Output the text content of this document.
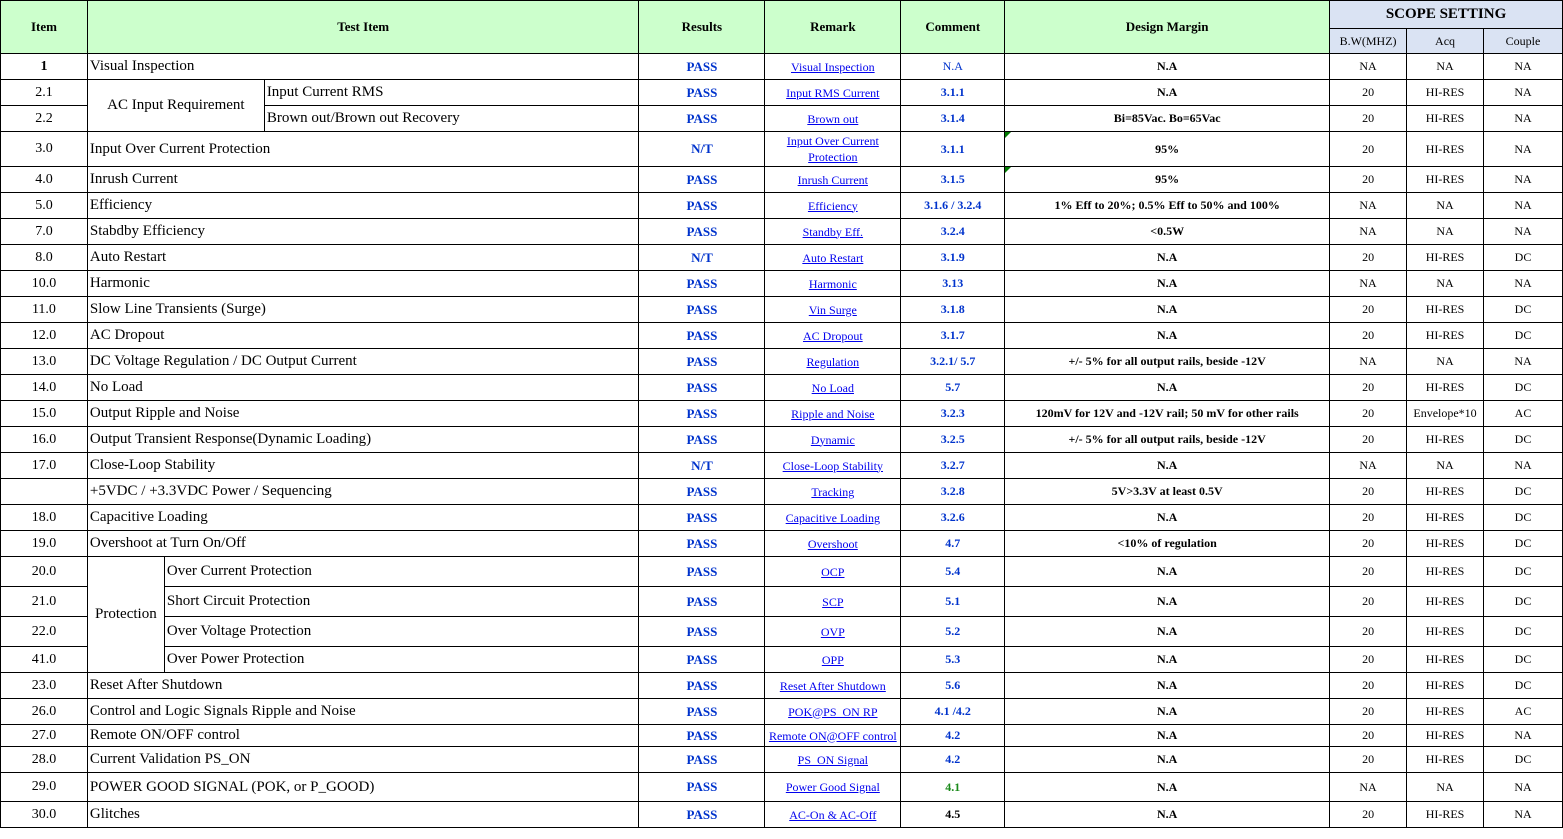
Item	Test Item			Results	Remark	Comment	Design Margin	SCOPE SETTING		
								B.W(MHZ)	Acq	Couple
1	Visual Inspection			PASS	Visual Inspection	N.A	N.A	NA	NA	NA
2.1	AC Input Requirement		Input Current RMS	PASS	Input RMS Current	3.1.1	N.A	20	HI-RES	NA
2.2			Brown out/Brown out Recovery	PASS	Brown out	3.1.4	Bi=85Vac. Bo=65Vac	20	HI-RES	NA
3.0	Input Over Current Protection			N/T	Input Over Current Protection	3.1.1	95%	20	HI-RES	NA
4.0	Inrush Current			PASS	Inrush Current	3.1.5	95%	20	HI-RES	NA
5.0	Efficiency			PASS	Efficiency	3.1.6 / 3.2.4	1% Eff to 20%; 0.5% Eff to 50% and 100%	NA	NA	NA
7.0	Stabdby Efficiency			PASS	Standby Eff.	3.2.4	<0.5W	NA	NA	NA
8.0	Auto Restart			N/T	Auto Restart	3.1.9	N.A	20	HI-RES	DC
10.0	Harmonic			PASS	Harmonic	3.13	N.A	NA	NA	NA
11.0	Slow Line Transients (Surge)			PASS	Vin Surge	3.1.8	N.A	20	HI-RES	DC
12.0	AC Dropout			PASS	AC Dropout	3.1.7	N.A	20	HI-RES	DC
13.0	DC Voltage Regulation / DC Output Current			PASS	Regulation	3.2.1/ 5.7	+/- 5% for all output rails, beside -12V	NA	NA	NA
14.0	No Load			PASS	No Load	5.7	N.A	20	HI-RES	DC
15.0	Output Ripple and Noise			PASS	Ripple and Noise	3.2.3	120mV for 12V and -12V rail; 50 mV for other rails	20	Envelope*10	AC
16.0	Output Transient Response(Dynamic Loading)			PASS	Dynamic	3.2.5	+/- 5% for all output rails, beside -12V	20	HI-RES	DC
17.0	Close-Loop Stability			N/T	Close-Loop Stability	3.2.7	N.A	NA	NA	NA
	+5VDC / +3.3VDC Power / Sequencing			PASS	Tracking	3.2.8	5V>3.3V at least 0.5V	20	HI-RES	DC
18.0	Capacitive Loading			PASS	Capacitive Loading	3.2.6	N.A	20	HI-RES	DC
19.0	Overshoot at Turn On/Off			PASS	Overshoot	4.7	<10% of regulation	20	HI-RES	DC
20.0	Protection	Over Current Protection		PASS	OCP	5.4	N.A	20	HI-RES	DC
21.0		Short Circuit Protection		PASS	SCP	5.1	N.A	20	HI-RES	DC
22.0		Over Voltage Protection		PASS	OVP	5.2	N.A	20	HI-RES	DC
41.0		Over Power Protection		PASS	OPP	5.3	N.A	20	HI-RES	DC
23.0	Reset After Shutdown			PASS	Reset After Shutdown	5.6	N.A	20	HI-RES	DC
26.0	Control and Logic Signals Ripple and Noise			PASS	POK@PS_ON RP	4.1 /4.2	N.A	20	HI-RES	AC
27.0	Remote ON/OFF control			PASS	Remote ON@OFF control	4.2	N.A	20	HI-RES	NA
28.0	Current Validation PS_ON			PASS	PS_ON Signal	4.2	N.A	20	HI-RES	DC
29.0	POWER GOOD SIGNAL (POK, or P_GOOD)			PASS	Power Good Signal	4.1	N.A	NA	NA	NA
30.0	Glitches			PASS	AC-On & AC-Off	4.5	N.A	20	HI-RES	NA
